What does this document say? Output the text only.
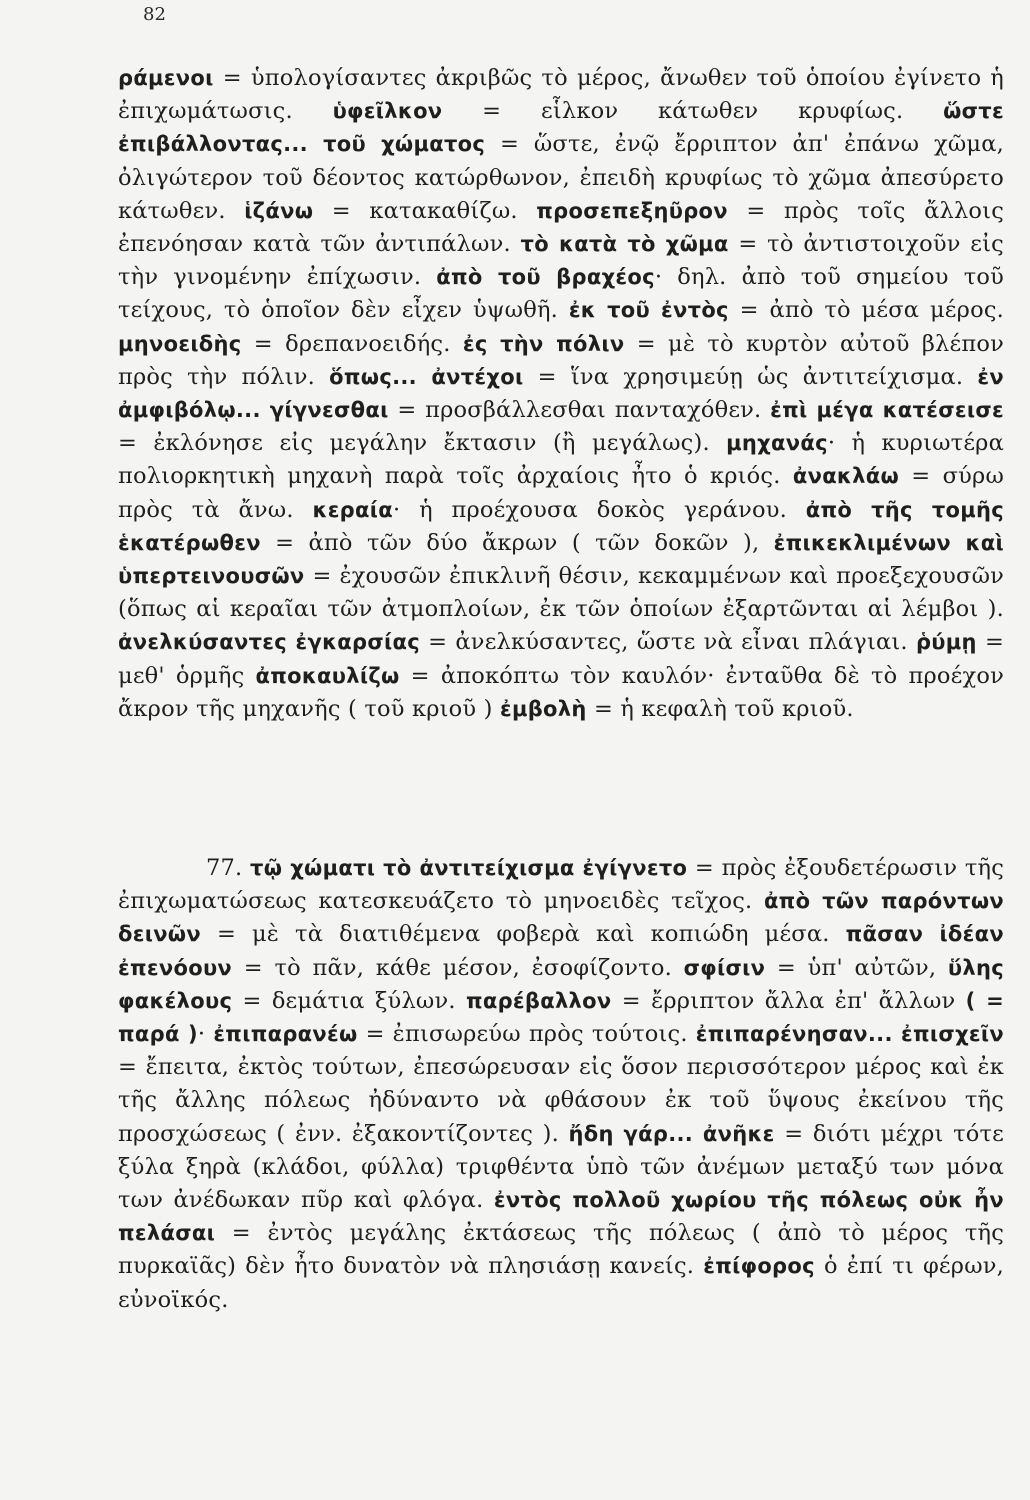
82
ράμενοι = ὑπολογίσαντες ἀκριβῶς τὸ μέρος, ἄνωθεν τοῦ ὁποίου ἐγίνετο ἡ ἐπιχωμάτωσις. ὑφεῖλκον = εἷλκον κάτωθεν κρυφίως. ὥστε ἐπιβάλλοντας... τοῦ χώματος = ὥστε, ἐνῷ ἔρριπτον ἀπ' ἐπάνω χῶμα, ὀλιγώτερον τοῦ δέοντος κατώρθωνον, ἐπειδὴ κρυφίως τὸ χῶμα ἀπεσύρετο κάτωθεν. ἱζάνω = κατακαθίζω. προσεπεξηῦρον = πρὸς τοῖς ἄλλοις ἐπενόησαν κατὰ τῶν ἀντιπάλων. τὸ κατὰ τὸ χῶμα = τὸ ἀντιστοιχοῦν εἰς τὴν γινομένην ἐπίχωσιν. ἀπὸ τοῦ βραχέος· δηλ. ἀπὸ τοῦ σημείου τοῦ τείχους, τὸ ὁποῖον δὲν εἶχεν ὑψωθῆ. ἐκ τοῦ ἐντὸς = ἀπὸ τὸ μέσα μέρος. μηνοειδὴς = δρεπανοειδής. ἐς τὴν πόλιν = μὲ τὸ κυρτὸν αὐτοῦ βλέπον πρὸς τὴν πόλιν. ὅπως... ἀντέχοι = ἵνα χρησιμεύῃ ὡς ἀντιτείχισμα. ἐν ἀμφιβόλῳ... γίγνεσθαι = προσβάλλεσθαι πανταχόθεν. ἐπὶ μέγα κατέσεισε = ἐκλόνησε εἰς μεγάλην ἔκτασιν (ἢ μεγάλως). μηχανάς· ἡ κυριωτέρα πολιορκητικὴ μηχανὴ παρὰ τοῖς ἀρχαίοις ἦτο ὁ κριός. ἀνακλάω = σύρω πρὸς τὰ ἄνω. κεραία· ἡ προέχουσα δοκὸς γεράνου. ἀπὸ τῆς τομῆς ἑκατέρωθεν = ἀπὸ τῶν δύο ἄκρων ( τῶν δοκῶν ), ἐπικεκλιμένων καὶ ὑπερτεινουσῶν = ἐχουσῶν ἐπικλινῆ θέσιν, κεκαμμένων καὶ προεξεχουσῶν (ὅπως αἱ κεραῖαι τῶν ἀτμοπλοίων, ἐκ τῶν ὁποίων ἐξαρτῶνται αἱ λέμβοι ). ἀνελκύσαντες ἐγκαρσίας = ἀνελκύσαντες, ὥστε νὰ εἶναι πλάγιαι. ῥύμῃ = μεθ' ὁρμῆς ἀποκαυλίζω = ἀποκόπτω τὸν καυλόν· ἐνταῦθα δὲ τὸ προέχον ἄκρον τῆς μηχανῆς ( τοῦ κριοῦ ) ἐμβολὴ = ἡ κεφαλὴ τοῦ κριοῦ.
77. τῷ χώματι τὸ ἀντιτείχισμα ἐγίγνετο = πρὸς ἐξουδετέρωσιν τῆς ἐπιχωματώσεως κατεσκευάζετο τὸ μηνοειδὲς τεῖχος. ἀπὸ τῶν παρόντων δεινῶν = μὲ τὰ διατιθέμενα φοβερὰ καὶ κοπιώδη μέσα. πᾶσαν ἰδέαν ἐπενόουν = τὸ πᾶν, κάθε μέσον, ἐσοφίζοντο. σφίσιν = ὑπ' αὐτῶν, ὕλης φακέλους = δεμάτια ξύλων. παρέβαλλον = ἔρριπτον ἄλλα ἐπ' ἄλλων ( = παρά )· ἐπιπαρανέω = ἐπισωρεύω πρὸς τούτοις. ἐπιπαρένησαν... ἐπισχεῖν = ἔπειτα, ἐκτὸς τούτων, ἐπεσώρευσαν εἰς ὅσον περισσότερον μέρος καὶ ἐκ τῆς ἄλλης πόλεως ἠδύναντο νὰ φθάσουν ἐκ τοῦ ὕψους ἐκείνου τῆς προσχώσεως ( ἐνν. ἐξακοντίζοντες ). ἤδη γάρ... ἀνῆκε = διότι μέχρι τότε ξύλα ξηρὰ (κλάδοι, φύλλα) τριφθέντα ὑπὸ τῶν ἀνέμων μεταξύ των μόνα των ἀνέδωκαν πῦρ καὶ φλόγα. ἐντὸς πολλοῦ χωρίου τῆς πόλεως οὐκ ἦν πελάσαι = ἐντὸς μεγάλης ἐκτάσεως τῆς πόλεως ( ἀπὸ τὸ μέρος τῆς πυρκαϊᾶς) δὲν ἦτο δυνατὸν νὰ πλησιάσῃ κανείς. ἐπίφορος ὁ ἐπί τι φέρων, εὐνοϊκός.
